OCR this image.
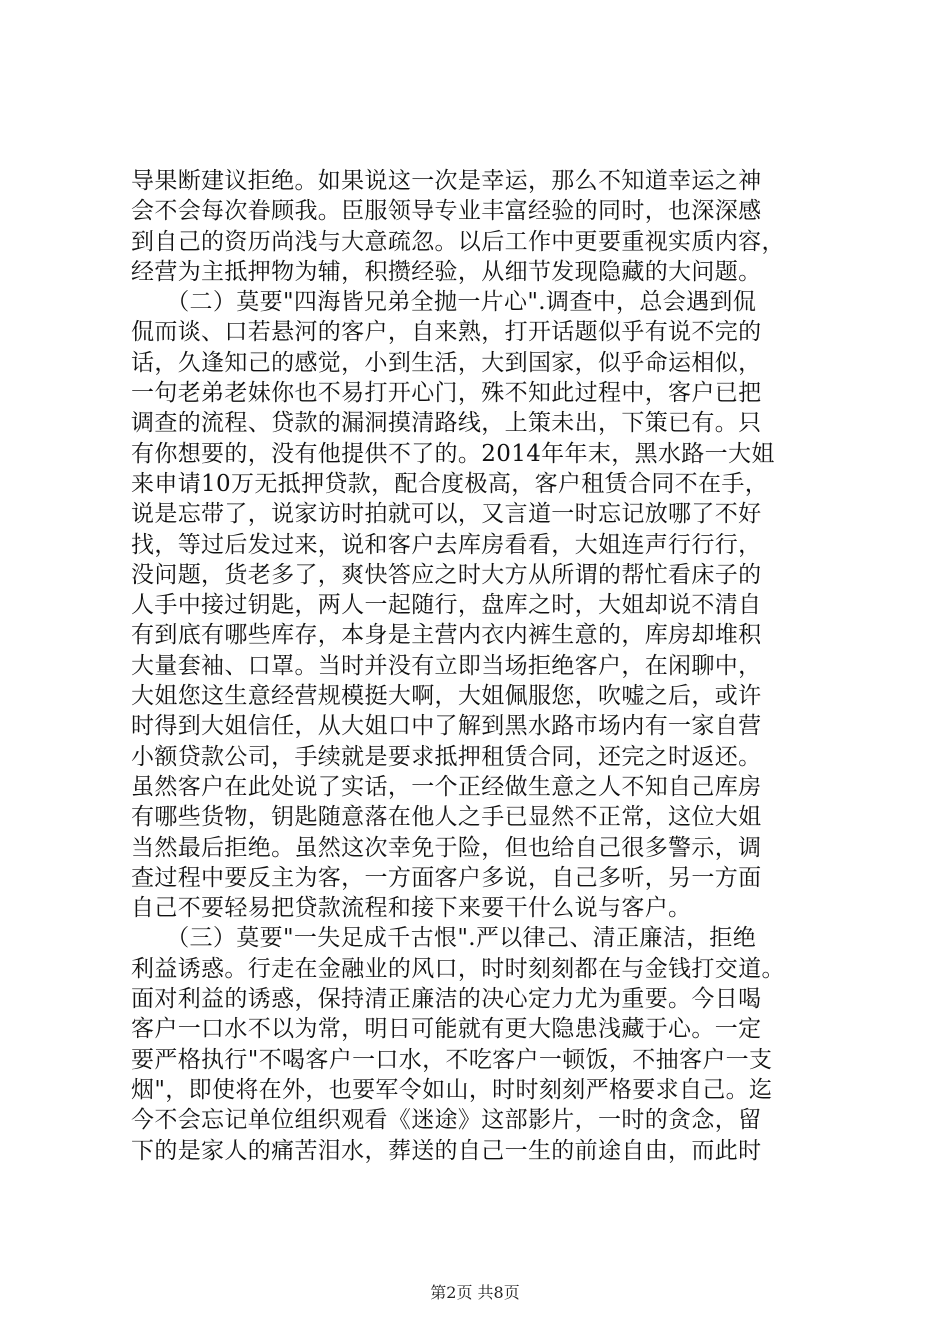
导果断建议拒绝。如果说这一次是幸运，那么不知道幸运之神
会不会每次眷顾我。臣服领导专业丰富经验的同时，也深深感
到自己的资历尚浅与大意疏忽。以后工作中更要重视实质内容，
经营为主抵押物为辅，积攒经验，从细节发现隐藏的大问题。
　　（二）莫要"四海皆兄弟全抛一片心".调查中，总会遇到侃
侃而谈、口若悬河的客户，自来熟，打开话题似乎有说不完的
话，久逢知己的感觉，小到生活，大到国家，似乎命运相似，
一句老弟老妹你也不易打开心门，殊不知此过程中，客户已把
调查的流程、贷款的漏洞摸清路线，上策未出，下策已有。只
有你想要的，没有他提供不了的。2014年年末，黑水路一大姐
来申请10万无抵押贷款，配合度极高，客户租赁合同不在手，
说是忘带了，说家访时拍就可以，又言道一时忘记放哪了不好
找，等过后发过来，说和客户去库房看看，大姐连声行行行，
没问题，货老多了，爽快答应之时大方从所谓的帮忙看床子的
人手中接过钥匙，两人一起随行，盘库之时，大姐却说不清自
有到底有哪些库存，本身是主营内衣内裤生意的，库房却堆积
大量套袖、口罩。当时并没有立即当场拒绝客户，在闲聊中，
大姐您这生意经营规模挺大啊，大姐佩服您，吹嘘之后，或许
时得到大姐信任，从大姐口中了解到黑水路市场内有一家自营
小额贷款公司，手续就是要求抵押租赁合同，还完之时返还。
虽然客户在此处说了实话，一个正经做生意之人不知自己库房
有哪些货物，钥匙随意落在他人之手已显然不正常，这位大姐
当然最后拒绝。虽然这次幸免于险，但也给自己很多警示，调
查过程中要反主为客，一方面客户多说，自己多听，另一方面
自己不要轻易把贷款流程和接下来要干什么说与客户。
　　（三）莫要"一失足成千古恨".严以律己、清正廉洁，拒绝
利益诱惑。行走在金融业的风口，时时刻刻都在与金钱打交道。
面对利益的诱惑，保持清正廉洁的决心定力尤为重要。今日喝
客户一口水不以为常，明日可能就有更大隐患浅藏于心。一定
要严格执行"不喝客户一口水，不吃客户一顿饭，不抽客户一支
烟"，即使将在外，也要军令如山，时时刻刻严格要求自己。迄
今不会忘记单位组织观看《迷途》这部影片，一时的贪念，留
下的是家人的痛苦泪水，葬送的自己一生的前途自由，而此时
第2页 共8页
